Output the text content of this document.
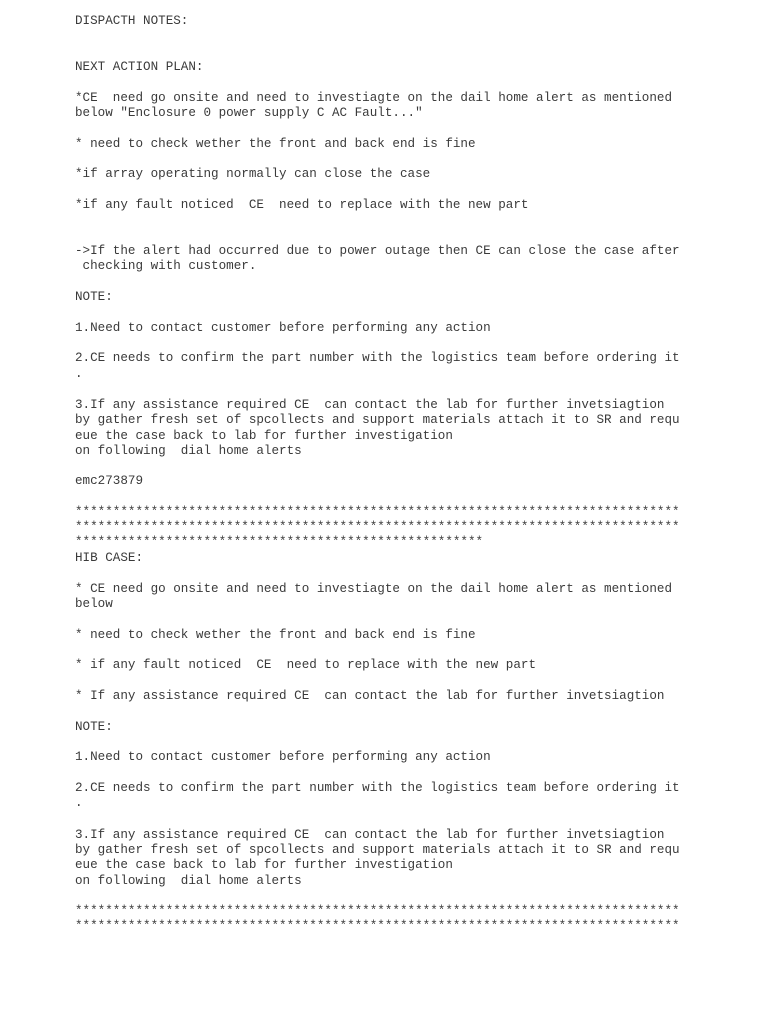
DISPACTH NOTES:

NEXT ACTION PLAN:

*CE  need go onsite and need to investiagte on the dail home alert as mentioned

below "Enclosure 0 power supply C AC Fault..."

* need to check wether the front and back end is fine

*if array operating normally can close the case

*if any fault noticed  CE  need to replace with the new part

->If the alert had occurred due to power outage then CE can close the case after

checking with customer.

NOTE:

1.Need to contact customer before performing any action

2.CE needs to confirm the part number with the logistics team before ordering it

.

3.If any assistance required CE  can contact the lab for further invetsiagtion

by gather fresh set of spcollects and support materials attach it to SR and requ

eue the case back to lab for further investigation

on following  dial home alerts

emc273879

********************************************************************************

********************************************************************************

******************************************************

HIB CASE:

* CE need go onsite and need to investiagte on the dail home alert as mentioned

below

* need to check wether the front and back end is fine

* if any fault noticed  CE  need to replace with the new part

* If any assistance required CE  can contact the lab for further invetsiagtion

NOTE:

1.Need to contact customer before performing any action

2.CE needs to confirm the part number with the logistics team before ordering it

.

3.If any assistance required CE  can contact the lab for further invetsiagtion

by gather fresh set of spcollects and support materials attach it to SR and requ

eue the case back to lab for further investigation

on following  dial home alerts

********************************************************************************

********************************************************************************
